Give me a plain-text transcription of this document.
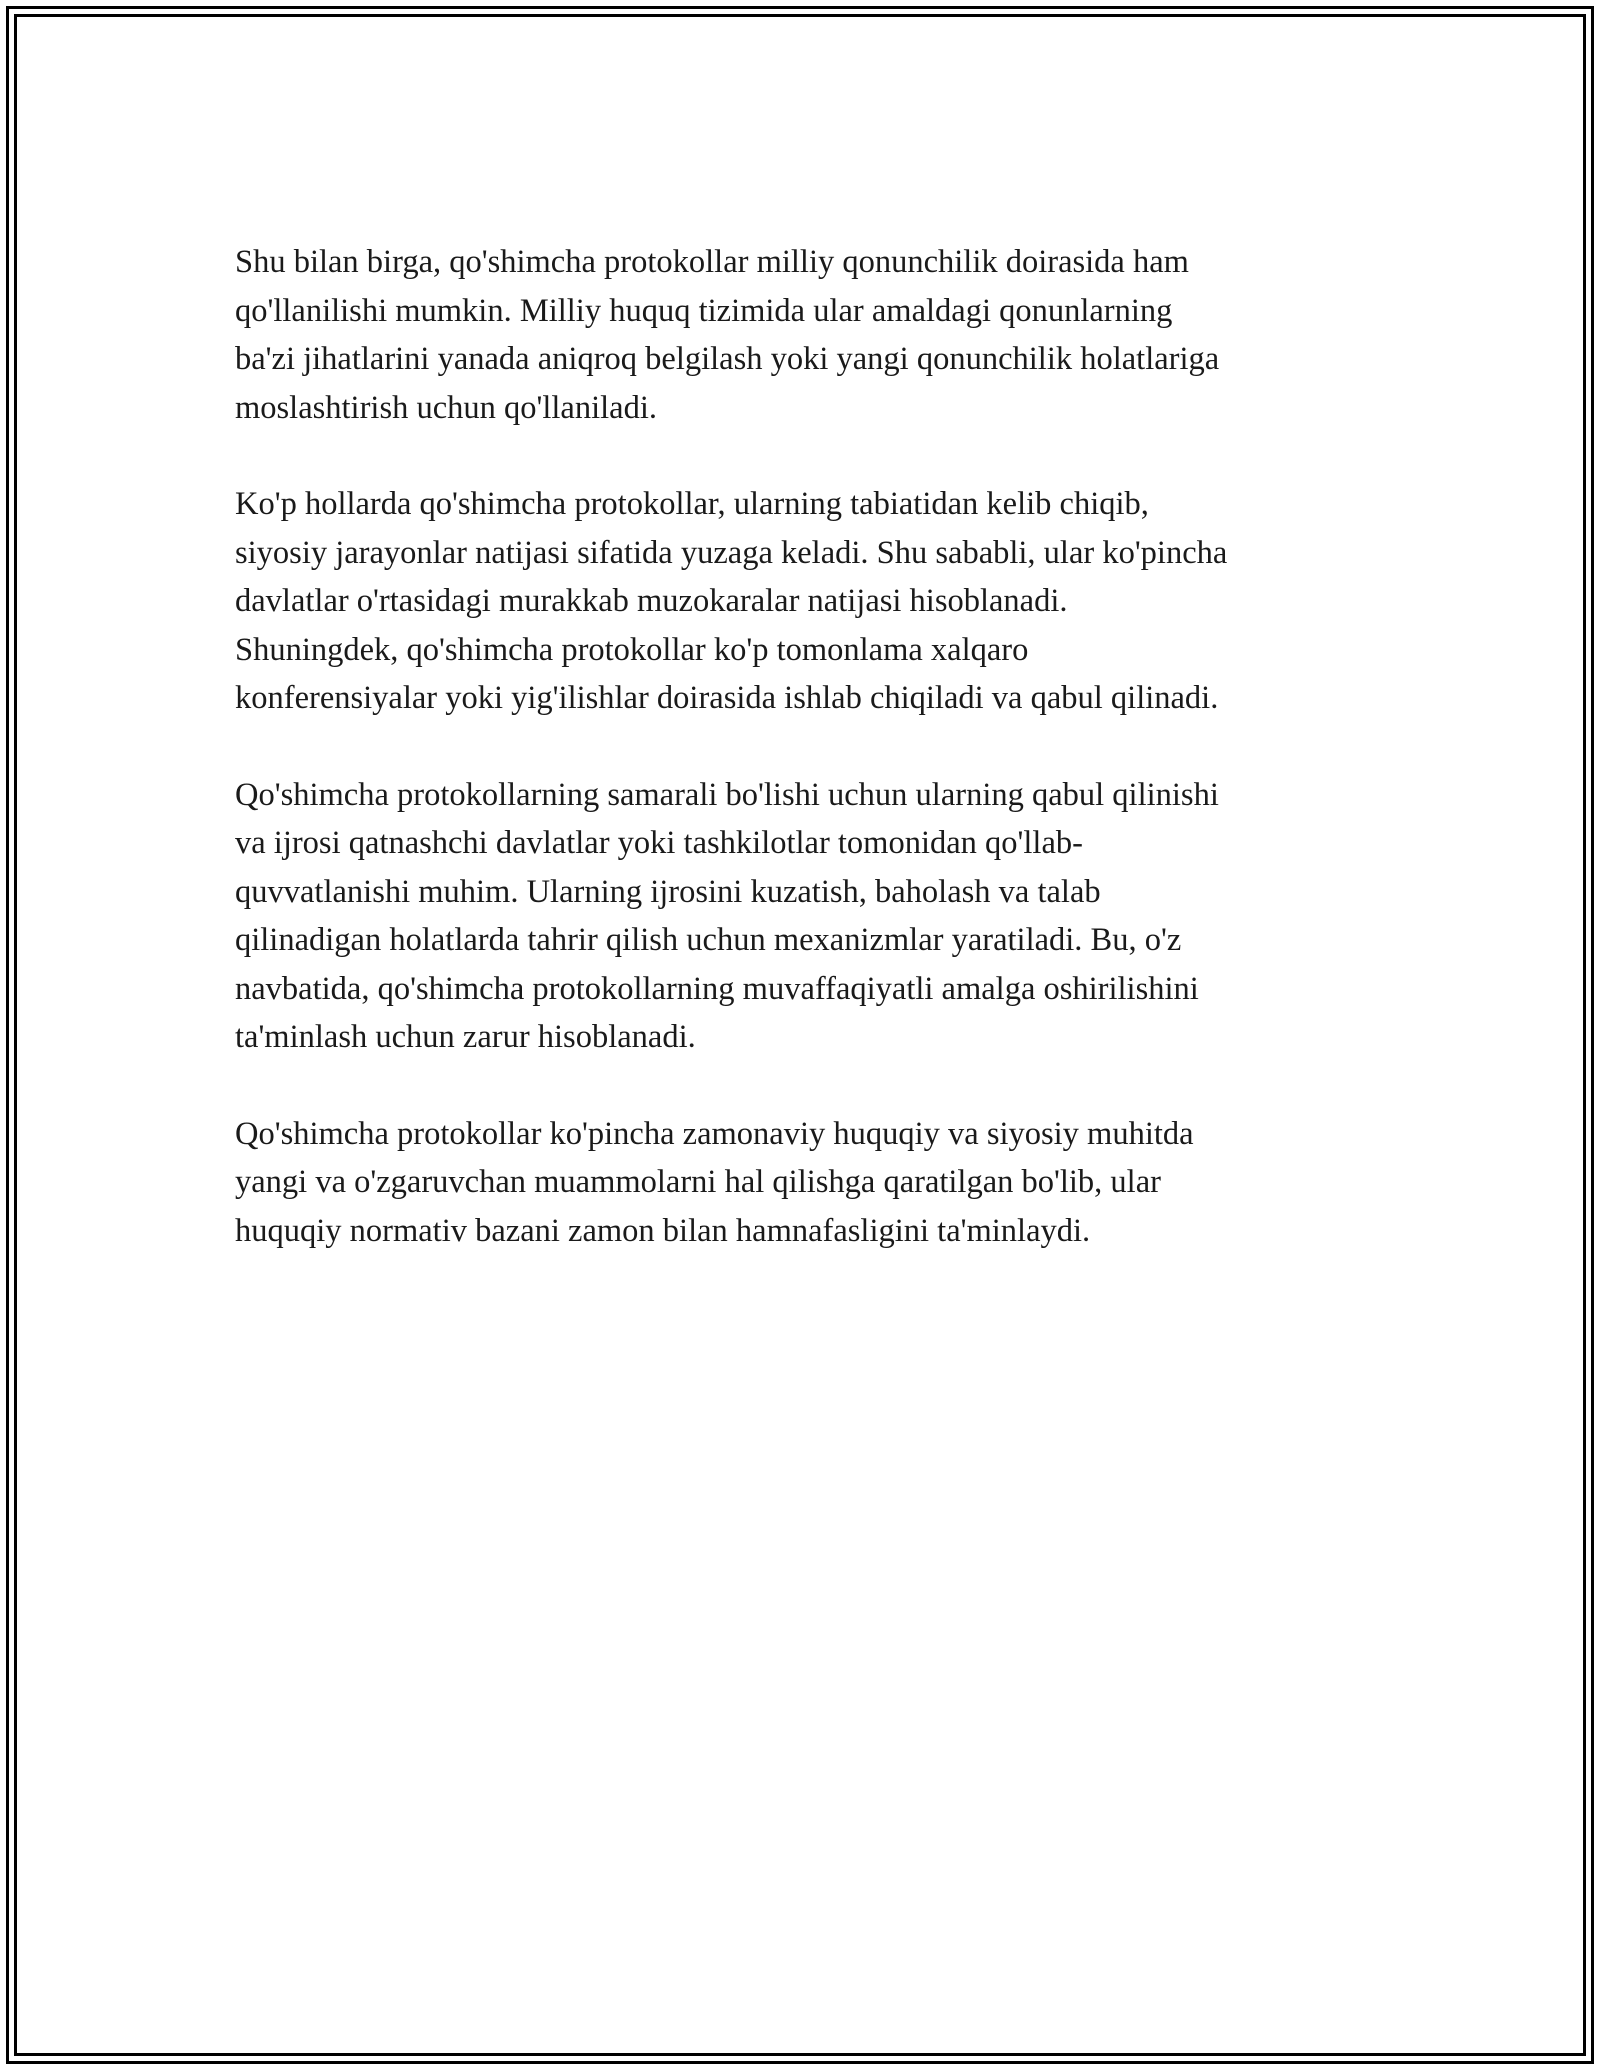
Shu bilan birga, qo'shimcha protokollar milliy qonunchilik doirasida ham
qo'llanilishi mumkin. Milliy huquq tizimida ular amaldagi qonunlarning
ba'zi jihatlarini yanada aniqroq belgilash yoki yangi qonunchilik holatlariga
moslashtirish uchun qo'llaniladi.

Ko'p hollarda qo'shimcha protokollar, ularning tabiatidan kelib chiqib,
siyosiy jarayonlar natijasi sifatida yuzaga keladi. Shu sababli, ular ko'pincha
davlatlar o'rtasidagi murakkab muzokaralar natijasi hisoblanadi.
Shuningdek, qo'shimcha protokollar ko'p tomonlama xalqaro
konferensiyalar yoki yig'ilishlar doirasida ishlab chiqiladi va qabul qilinadi.

Qo'shimcha protokollarning samarali bo'lishi uchun ularning qabul qilinishi
va ijrosi qatnashchi davlatlar yoki tashkilotlar tomonidan qo'llab-
quvvatlanishi muhim. Ularning ijrosini kuzatish, baholash va talab
qilinadigan holatlarda tahrir qilish uchun mexanizmlar yaratiladi. Bu, o'z
navbatida, qo'shimcha protokollarning muvaffaqiyatli amalga oshirilishini
ta'minlash uchun zarur hisoblanadi.

Qo'shimcha protokollar ko'pincha zamonaviy huquqiy va siyosiy muhitda
yangi va o'zgaruvchan muammolarni hal qilishga qaratilgan bo'lib, ular
huquqiy normativ bazani zamon bilan hamnafasligini ta'minlaydi.
